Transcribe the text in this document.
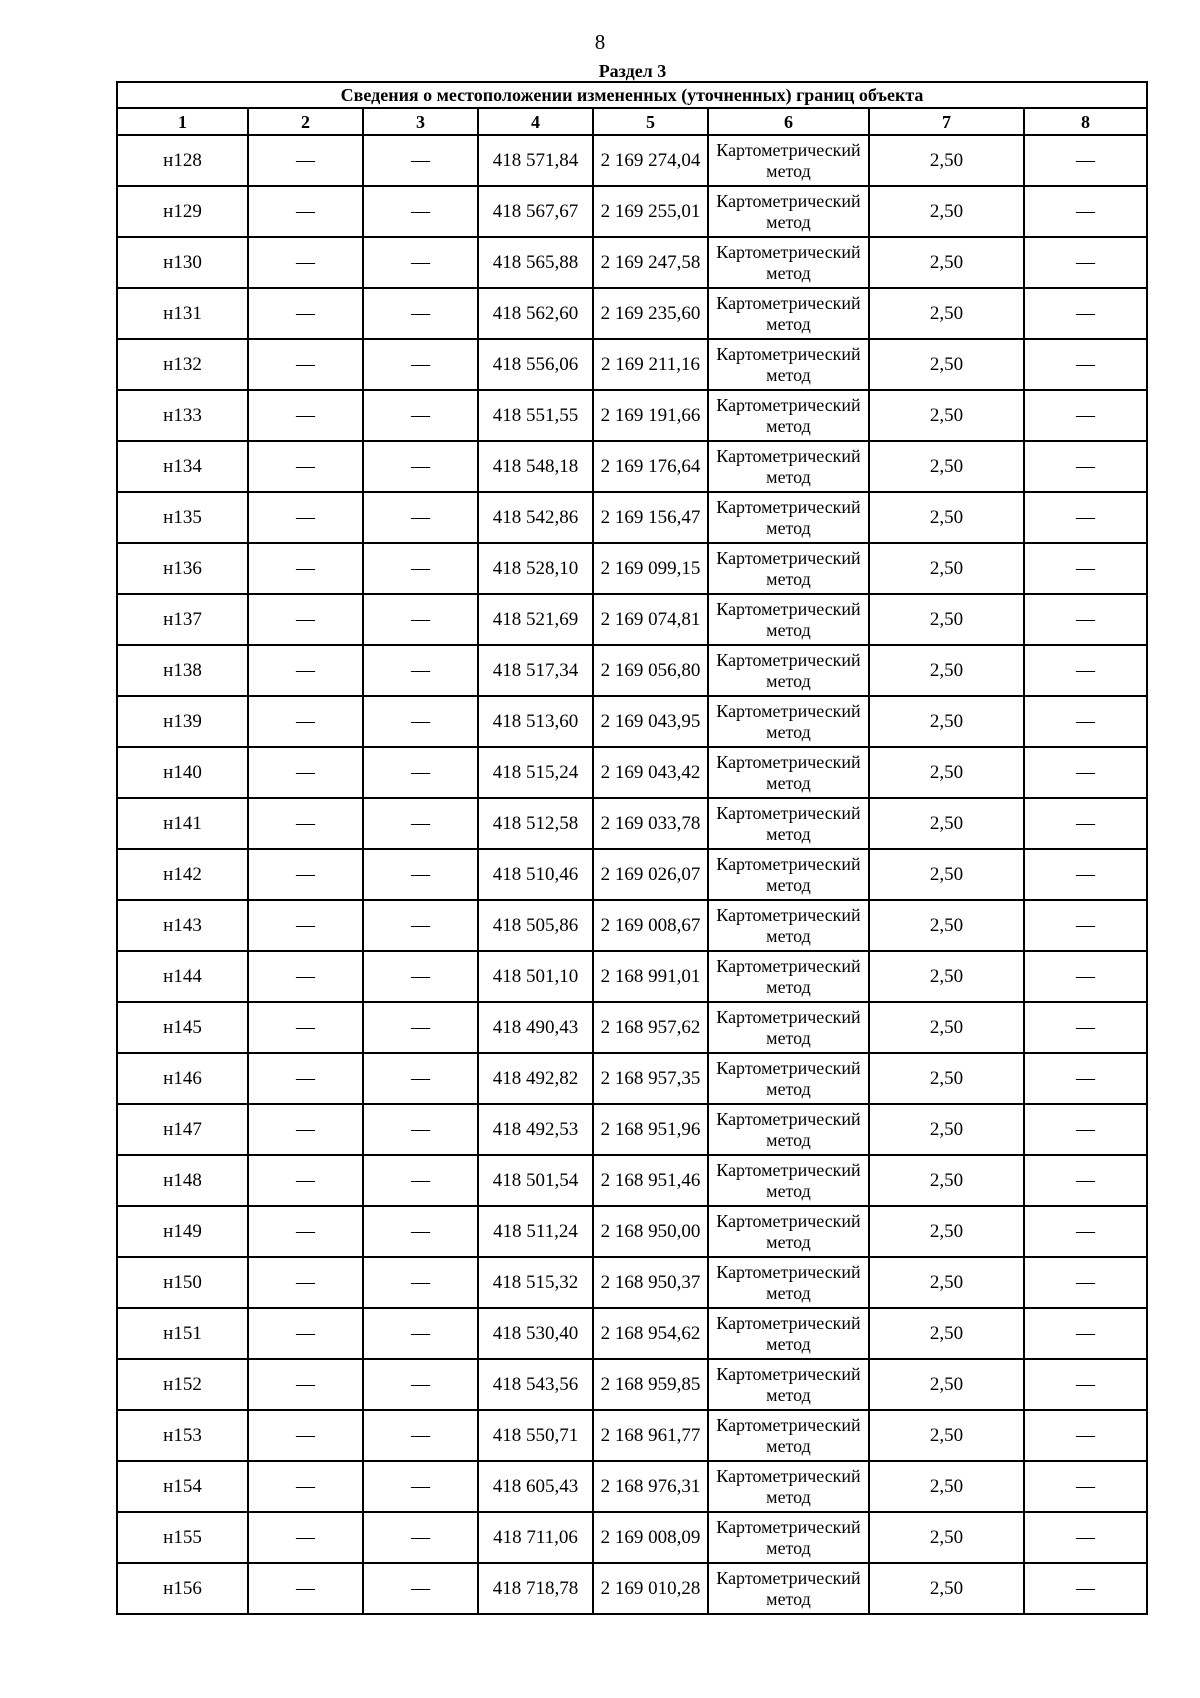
8
Раздел 3
Сведения о местоположении измененных (уточненных) границ объекта							
1	2	3	4	5	6	7	8
н128	—	—	418 571,84	2 169 274,04	Картометрический метод	2,50	—
н129	—	—	418 567,67	2 169 255,01	Картометрический метод	2,50	—
н130	—	—	418 565,88	2 169 247,58	Картометрический метод	2,50	—
н131	—	—	418 562,60	2 169 235,60	Картометрический метод	2,50	—
н132	—	—	418 556,06	2 169 211,16	Картометрический метод	2,50	—
н133	—	—	418 551,55	2 169 191,66	Картометрический метод	2,50	—
н134	—	—	418 548,18	2 169 176,64	Картометрический метод	2,50	—
н135	—	—	418 542,86	2 169 156,47	Картометрический метод	2,50	—
н136	—	—	418 528,10	2 169 099,15	Картометрический метод	2,50	—
н137	—	—	418 521,69	2 169 074,81	Картометрический метод	2,50	—
н138	—	—	418 517,34	2 169 056,80	Картометрический метод	2,50	—
н139	—	—	418 513,60	2 169 043,95	Картометрический метод	2,50	—
н140	—	—	418 515,24	2 169 043,42	Картометрический метод	2,50	—
н141	—	—	418 512,58	2 169 033,78	Картометрический метод	2,50	—
н142	—	—	418 510,46	2 169 026,07	Картометрический метод	2,50	—
н143	—	—	418 505,86	2 169 008,67	Картометрический метод	2,50	—
н144	—	—	418 501,10	2 168 991,01	Картометрический метод	2,50	—
н145	—	—	418 490,43	2 168 957,62	Картометрический метод	2,50	—
н146	—	—	418 492,82	2 168 957,35	Картометрический метод	2,50	—
н147	—	—	418 492,53	2 168 951,96	Картометрический метод	2,50	—
н148	—	—	418 501,54	2 168 951,46	Картометрический метод	2,50	—
н149	—	—	418 511,24	2 168 950,00	Картометрический метод	2,50	—
н150	—	—	418 515,32	2 168 950,37	Картометрический метод	2,50	—
н151	—	—	418 530,40	2 168 954,62	Картометрический метод	2,50	—
н152	—	—	418 543,56	2 168 959,85	Картометрический метод	2,50	—
н153	—	—	418 550,71	2 168 961,77	Картометрический метод	2,50	—
н154	—	—	418 605,43	2 168 976,31	Картометрический метод	2,50	—
н155	—	—	418 711,06	2 169 008,09	Картометрический метод	2,50	—
н156	—	—	418 718,78	2 169 010,28	Картометрический метод	2,50	—
